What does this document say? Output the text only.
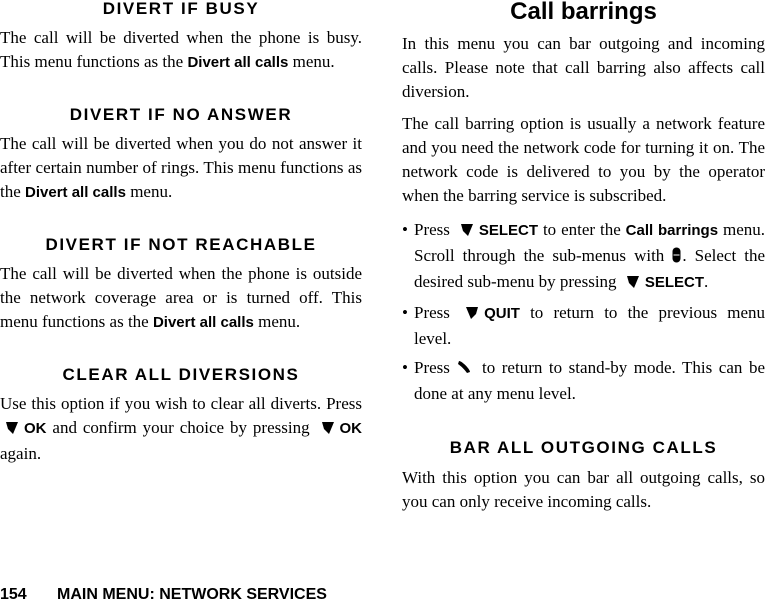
DIVERT IF BUSY

The call will be diverted when the phone is busy. This menu functions as the Divert all calls menu.

DIVERT IF NO ANSWER

The call will be diverted when you do not answer it after certain number of rings. This menu functions as the Divert all calls menu.

DIVERT IF NOT REACHABLE

The call will be diverted when the phone is outside the network coverage area or is turned off. This menu functions as the Divert all calls menu.

CLEAR ALL DIVERSIONS

Use this option if you wish to clear all diverts. Press OK and confirm your choice by pressing OK again.

Call barrings

In this menu you can bar outgoing and incoming calls. Please note that call barring also affects call diversion.

The call barring option is usually a network feature and you need the network code for turning it on. The network code is delivered to you by the operator when the barring service is subscribed.

• Press SELECT to enter the Call barrings menu. Scroll through the sub-menus with . Select the desired sub-menu by pressing SELECT.
• Press QUIT to return to the previous menu level.
• Press  to return to stand-by mode. This can be done at any menu level.
BAR ALL OUTGOING CALLS

With this option you can bar all outgoing calls, so you can only receive incoming calls.

154 MAIN MENU: NETWORK SERVICES
